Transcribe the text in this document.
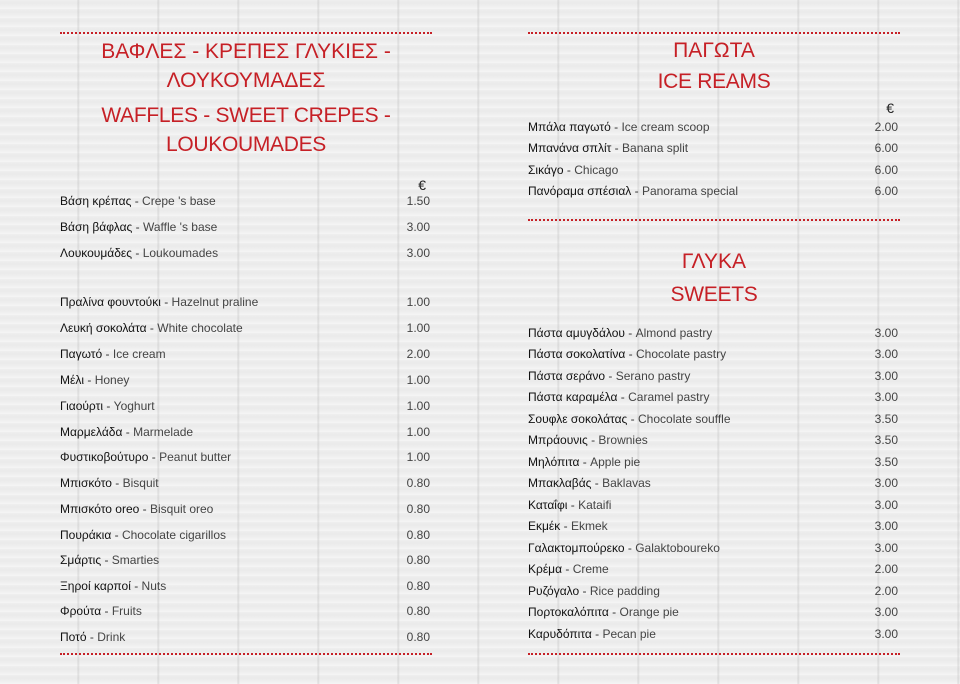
ΒΑΦΛΕΣ - ΚΡΕΠΕΣ ΓΛΥΚΙΕΣ - ΛΟΥΚΟΥΜΑΔΕΣ
WAFFLES - SWEET CREPES - LOUKOUMADES
€
Βάση κρέπας - Crepe 's base	1.50
Βάση βάφλας - Waffle 's base	3.00
Λουκουμάδες - Loukoumades	3.00
Πραλίνα φουντούκι - Hazelnut praline	1.00
Λευκή σοκολάτα - White chocolate	1.00
Παγωτό - Ice cream	2.00
Μέλι - Honey	1.00
Γιαούρτι - Yoghurt	1.00
Μαρμελάδα - Marmelade	1.00
Φυστικοβούτυρο - Peanut butter	1.00
Μπισκότο - Bisquit	0.80
Μπισκότο oreo - Bisquit oreo	0.80
Πουράκια - Chocolate cigarillos	0.80
Σμάρτις - Smarties	0.80
Ξηροί καρποί - Nuts	0.80
Φρούτα - Fruits	0.80
Ποτό - Drink	0.80
ΠΑΓΩΤΑ
ICE REAMS
€
Μπάλα παγωτό - Ice cream scoop	2.00
Μπανάνα σπλίτ - Banana split	6.00
Σικάγο - Chicago	6.00
Πανόραμα σπέσιαλ - Panorama special	6.00
ΓΛΥΚΑ
SWEETS
Πάστα αμυγδάλου - Almond pastry	3.00
Πάστα σοκολατίνα - Chocolate pastry	3.00
Πάστα σεράνο - Serano pastry	3.00
Πάστα καραμέλα - Caramel pastry	3.00
Σουφλε σοκολάτας - Chocolate souffle	3.50
Μπράουνις - Brownies	3.50
Μηλόπιτα - Apple pie	3.50
Μπακλαβάς - Baklavas	3.00
Καταΐφι - Kataifi	3.00
Εκμέκ - Ekmek	3.00
Γαλακτομπούρεκο - Galaktoboureko	3.00
Κρέμα - Creme	2.00
Ρυζόγαλο - Rice padding	2.00
Πορτοκαλόπιτα - Orange pie	3.00
Καρυδόπιτα - Pecan pie	3.00
